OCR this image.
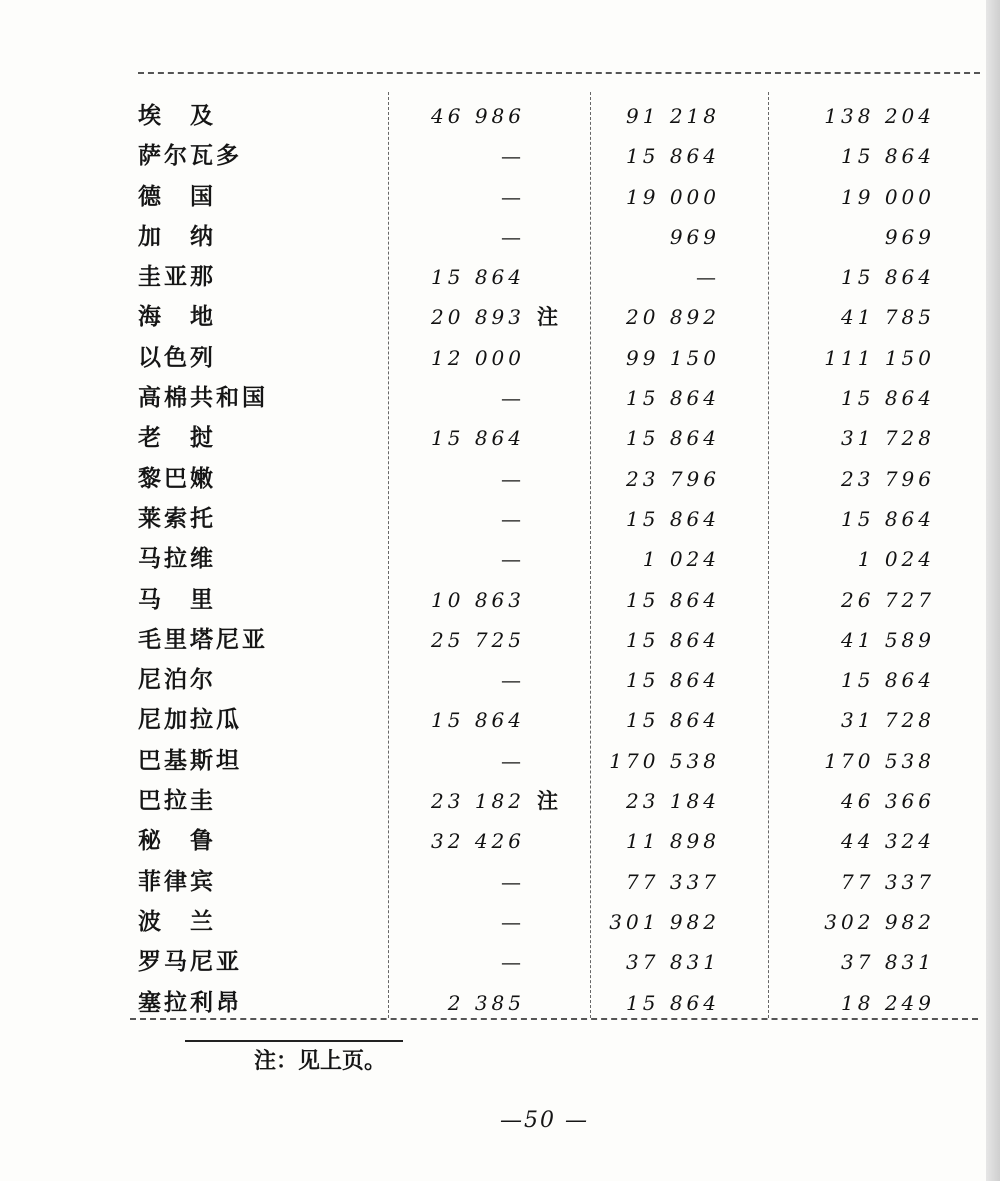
埃　及	46 986	91 218	138 204
萨尔瓦多	—	15 864	15 864
德　国	—	19 000	19 000
加　纳	—	969	969
圭亚那	15 864	—	15 864
海　地	20 893 注	20 892	41 785
以色列	12 000	99 150	111 150
高棉共和国	—	15 864	15 864
老　挝	15 864	15 864	31 728
黎巴嫩	—	23 796	23 796
莱索托	—	15 864	15 864
马拉维	—	1 024	1 024
马　里	10 863	15 864	26 727
毛里塔尼亚	25 725	15 864	41 589
尼泊尔	—	15 864	15 864
尼加拉瓜	15 864	15 864	31 728
巴基斯坦	—	170 538	170 538
巴拉圭	23 182 注	23 184	46 366
秘　鲁	32 426	11 898	44 324
菲律宾	—	77 337	77 337
波　兰	—	301 982	302 982
罗马尼亚	—	37 831	37 831
塞拉利昂	2 385	15 864	18 249
注：见上页。
—50 —
